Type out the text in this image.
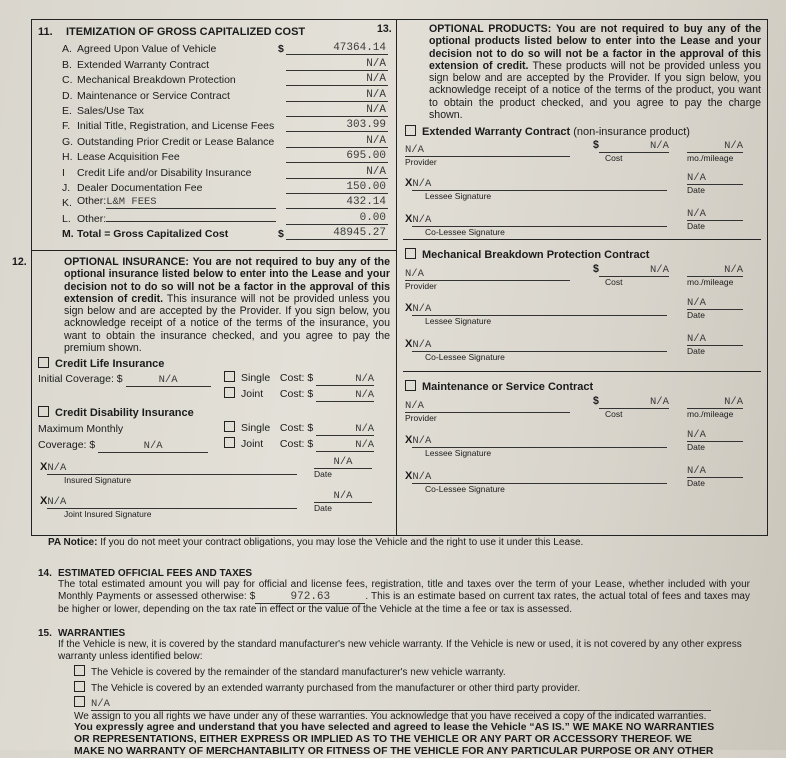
11. ITEMIZATION OF GROSS CAPITALIZED COST
A. Agreed Upon Value of Vehicle	$	47364.14
B. Extended Warranty Contract	N/A
C. Mechanical Breakdown Protection	N/A
D. Maintenance or Service Contract	N/A
E. Sales/Use Tax	N/A
F. Initial Title, Registration, and License Fees	303.99
G. Outstanding Prior Credit or Lease Balance	N/A
H. Lease Acquisition Fee	695.00
I	Credit Life and/or Disability Insurance	N/A
J. Dealer Documentation Fee	150.00
K. Other:L&M FEES	432.14
L. Other:	0.00
M. Total = Gross Capitalized Cost	$	48945.27
12.	OPTIONAL INSURANCE: You are not required to buy any of the optional insurance listed below to enter into the Lease and your decision not to do so will not be a factor in the approval of this extension of credit. This insurance will not be provided unless you sign below and are accepted by the Provider. If you sign below, you acknowledge receipt of a notice of the terms of the insurance, you want to obtain the insurance checked, and you agree to pay the premium shown.
Credit Life Insurance
Initial Coverage: $	N/A	Single Cost: $	N/A
Joint Cost: $	N/A
Credit Disability Insurance
Maximum Monthly
Coverage: $	N/A
Single Cost: $	N/A
Joint Cost: $	N/A
XN/A
Insured Signature
N/A
Date
XN/A
Joint Insured Signature
N/A
Date
13.	OPTIONAL PRODUCTS: You are not required to buy any of the optional products listed below to enter into the Lease and your decision not to do so will not be a factor in the approval of this extension of credit. These products will not be provided unless you sign below and are accepted by the Provider. If you sign below, you acknowledge receipt of a notice of the terms of the product, you want to obtain the product checked, and you agree to pay the charge shown.
Extended Warranty Contract (non-insurance product)
N/A
Provider
$	N/A
Cost
N/A
mo./mileage
XN/A
Lessee Signature
N/A
Date
XN/A
Co-Lessee Signature
N/A
Date
Mechanical Breakdown Protection Contract
N/A
Provider
$	N/A
Cost
N/A
mo./mileage
XN/A
Lessee Signature
N/A
Date
XN/A
Co-Lessee Signature
N/A
Date
Maintenance or Service Contract
N/A
Provider
$	N/A
Cost
N/A
mo./mileage
XN/A
Lessee Signature
N/A
Date
XN/A
Co-Lessee Signature
N/A
Date
PA Notice: If you do not meet your contract obligations, you may lose the Vehicle and the right to use it under this Lease.
14. ESTIMATED OFFICIAL FEES AND TAXES
The total estimated amount you will pay for official and license fees, registration, title and taxes over the term of your Lease, whether included with your Monthly Payments or assessed otherwise: $	972.63	. This is an estimate based on current tax rates, the actual total of fees and taxes may be higher or lower, depending on the tax rate in effect or the value of the Vehicle at the time a fee or tax is assessed.
15. WARRANTIES
If the Vehicle is new, it is covered by the standard manufacturer's new vehicle warranty. If the Vehicle is new or used, it is not covered by any other express warranty unless identified below:
The Vehicle is covered by the remainder of the standard manufacturer's new vehicle warranty.
The Vehicle is covered by an extended warranty purchased from the manufacturer or other third party provider.
N/A
We assign to you all rights we have under any of these warranties. You acknowledge that you have received a copy of the indicated warranties.
You expressly agree and understand that you have selected and agreed to lease the Vehicle “AS IS.” WE MAKE NO WARRANTIES
OR REPRESENTATIONS, EITHER EXPRESS OR IMPLIED AS TO THE VEHICLE OR ANY PART OR ACCESSORY THEREOF. WE
MAKE NO WARRANTY OF MERCHANTABILITY OR FITNESS OF THE VEHICLE FOR ANY PARTICULAR PURPOSE OR ANY OTHER
